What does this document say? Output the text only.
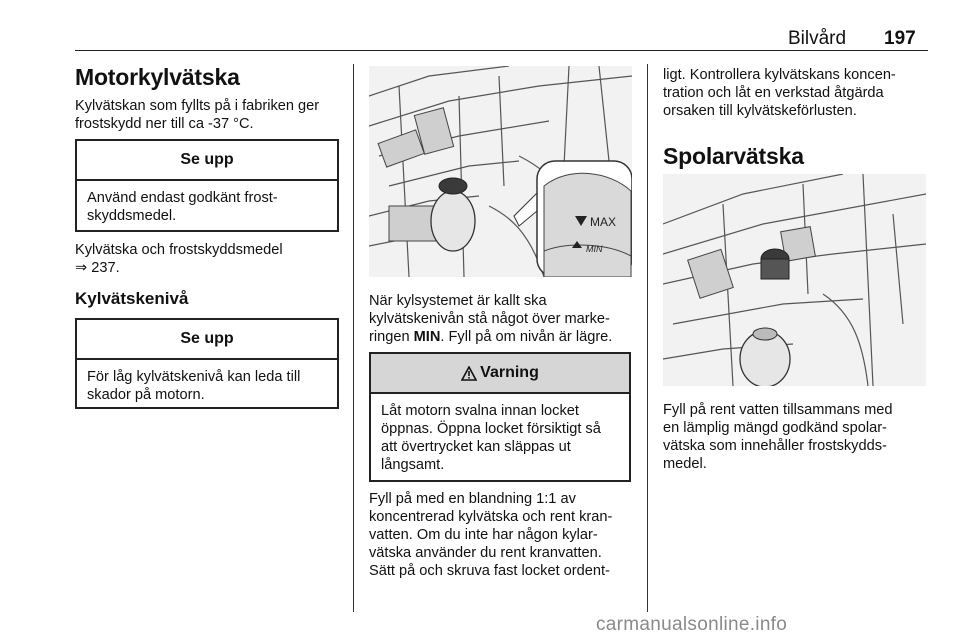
Bilvård 197
Motorkylvätska
Kylvätskan som fyllts på i fabriken ger
frostskydd ner till ca -37 °C.
Se upp
Använd endast godkänt frost-
skyddsmedel.
Kylvätska och frostskyddsmedel
⇒ 237.
Kylvätskenivå
Se upp
För låg kylvätskenivå kan leda till
skador på motorn.
MAX
MIN
När kylsystemet är kallt ska
kylvätskenivån stå något över marke-
ringen MIN. Fyll på om nivån är lägre.
Varning
Låt motorn svalna innan locket
öppnas. Öppna locket försiktigt så
att övertrycket kan släppas ut
långsamt.
Fyll på med en blandning 1:1 av
koncentrerad kylvätska och rent kran-
vatten. Om du inte har någon kylar-
vätska använder du rent kranvatten.
Sätt på och skruva fast locket ordent-
ligt. Kontrollera kylvätskans koncen-
tration och låt en verkstad åtgärda
orsaken till kylvätskeförlusten.
Spolarvätska
Fyll på rent vatten tillsammans med
en lämplig mängd godkänd spolar-
vätska som innehåller frostskydds-
medel.
carmanualsonline.info
